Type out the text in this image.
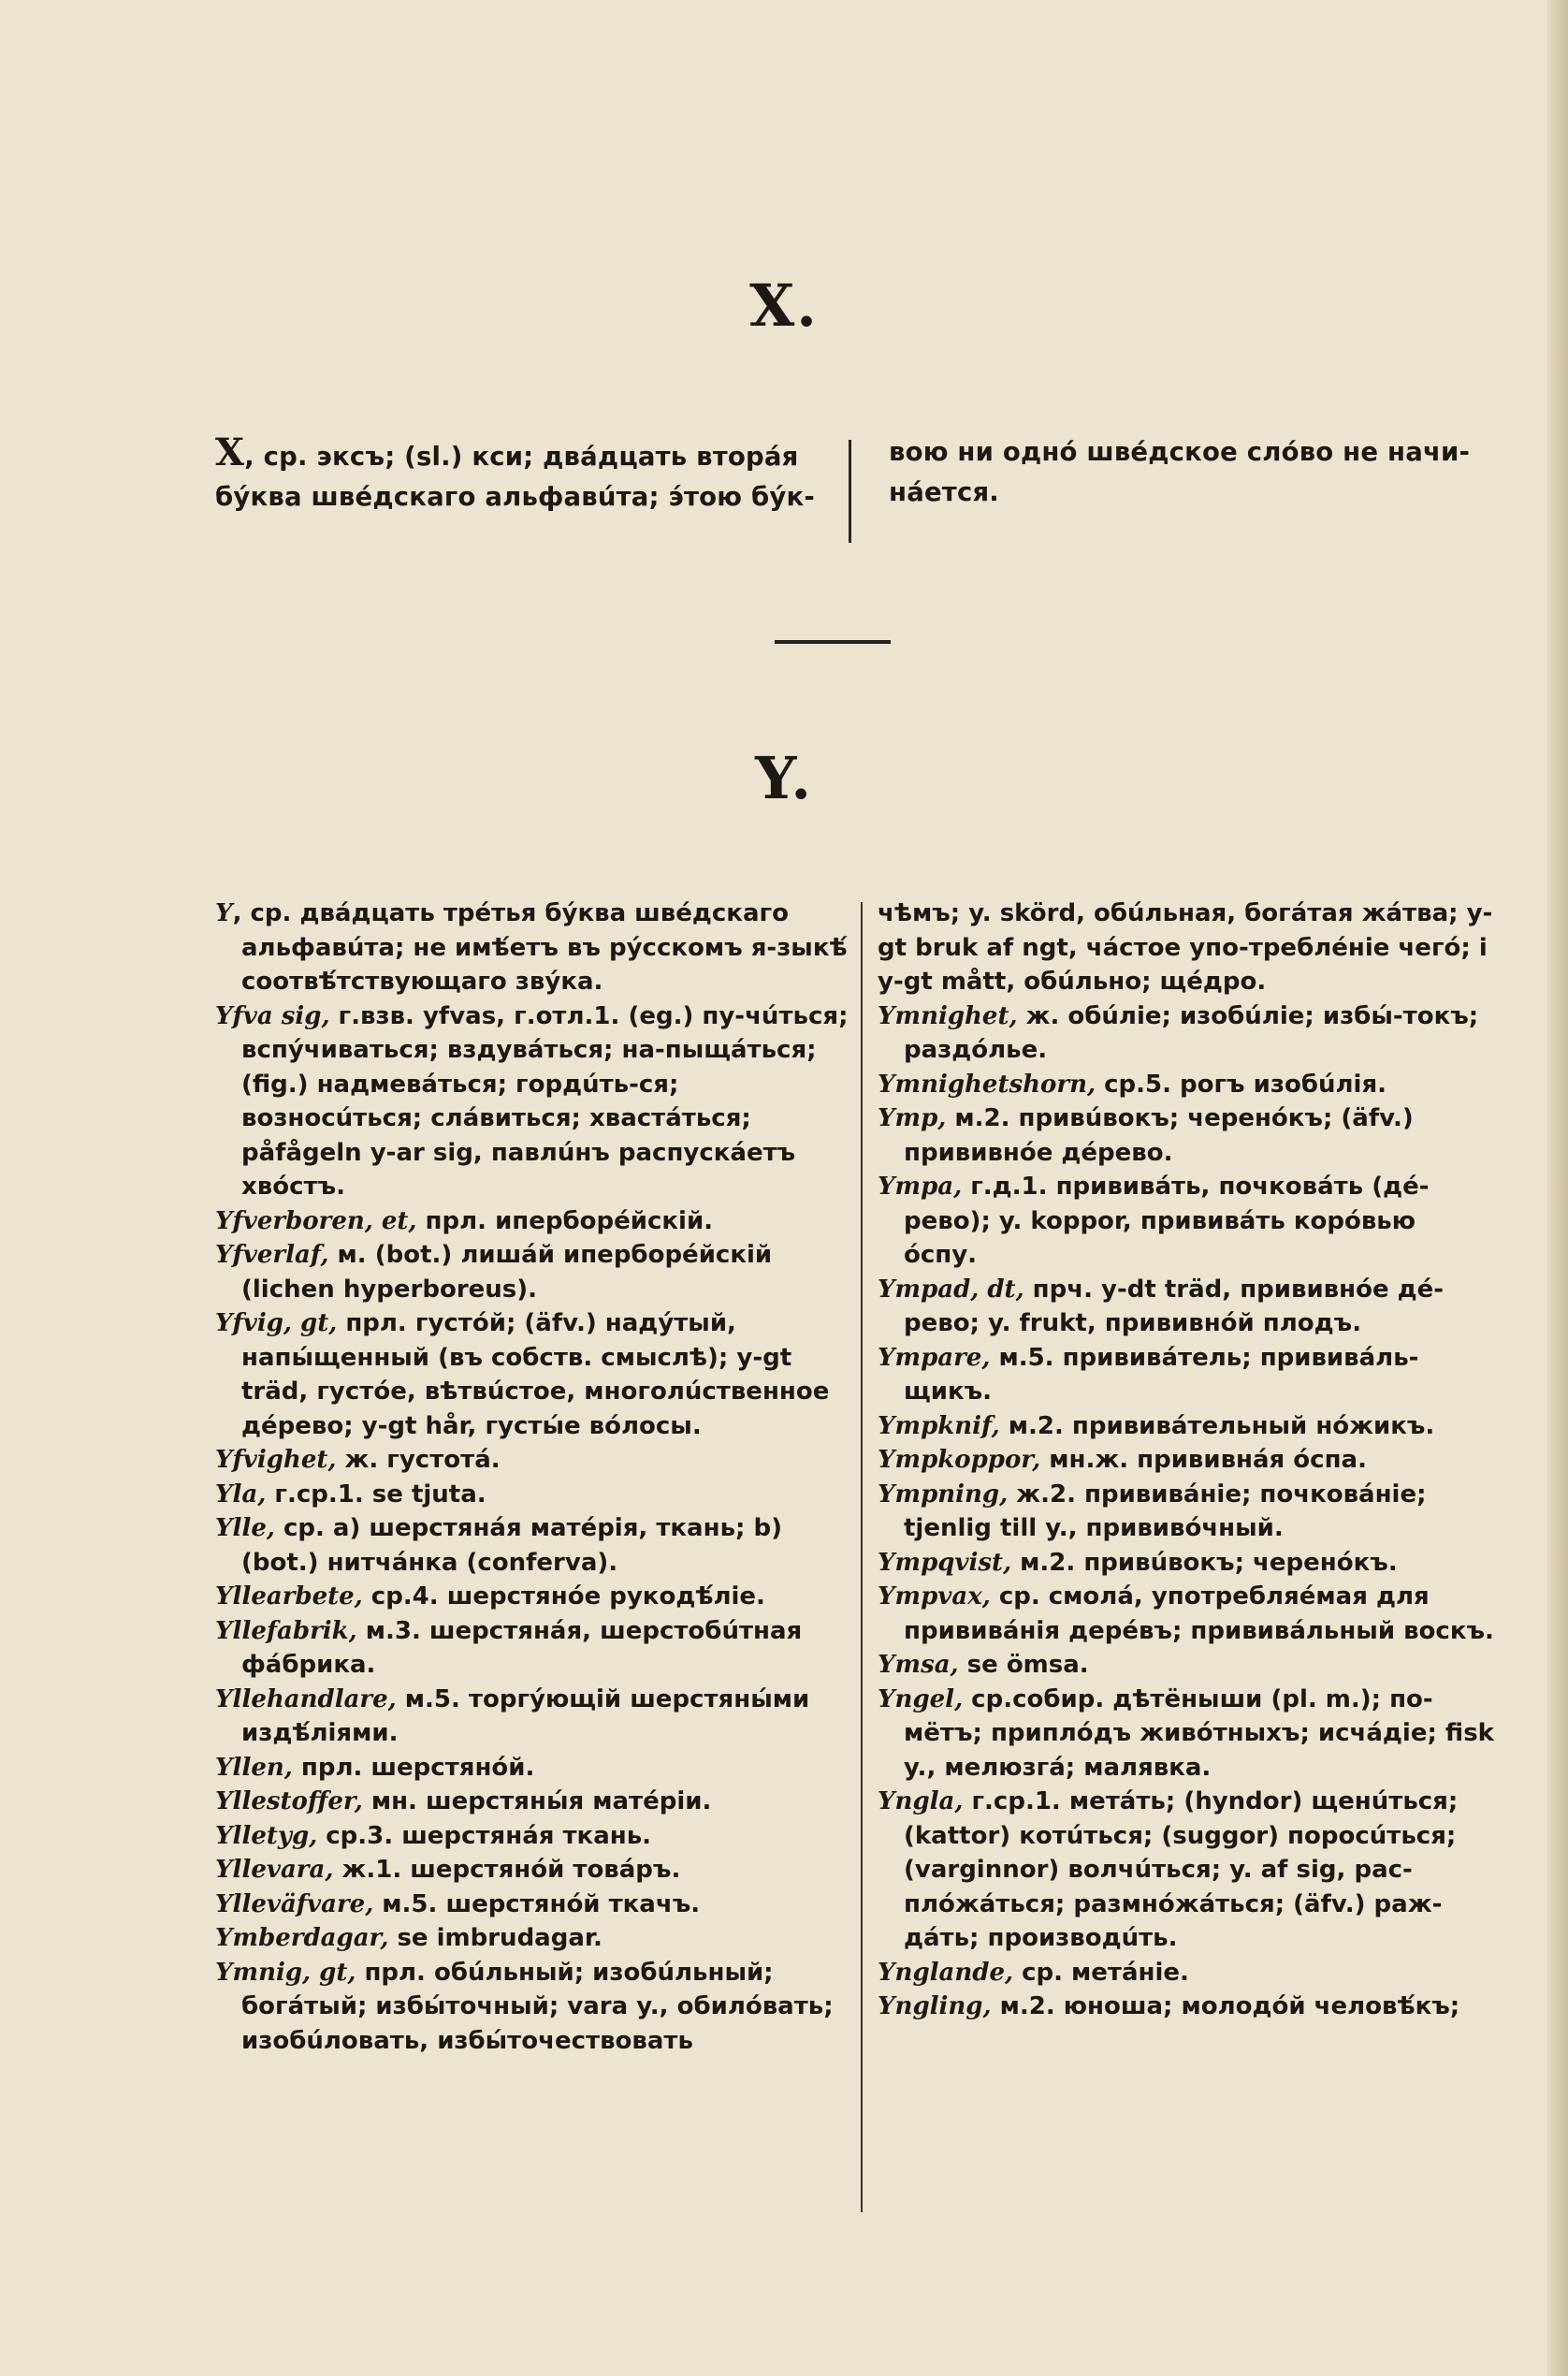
X.
X, ср. эксъ; (sl.) кси; двáдцать вторáя бýква швéдскаго альфавúта; э́тою бýк-
вою ни однó швéдское слóво не начи-нáется.
Y.

Y, ср. двáдцать трéтья бýква швéдскаго альфавúта; не имѣ́етъ въ рýсскомъ я-зыкѣ́ соотвѣ́тствующаго звýка.

Yfva sig, г.взв. yfvas, г.отл.1. (eg.) пу-чúться; вспýчиваться; вздувáться; на-пыщáться; (fig.) надмевáться; гордúть-ся; возносúться; слáвиться; хвастáться; påfågeln y-ar sig, павлúнъ распускáетъ хвóстъ.

Yfverboren, et, прл. иперборéйскій.

Yfverlaf, м. (bot.) лишáй иперборéйскій (lichen hyperboreus).

Yfvig, gt, прл. густóй; (äfv.) надýтый, напы́щенный (въ собств. смыслѣ); y-gt träd, густóе, вѣтвúстое, многолúственное дéрево; y-gt hår, густы́е вóлосы.

Yfvighet, ж. густотá.

Yla, г.ср.1. se tjuta.

Ylle, ср. a) шерстянáя матéрія, ткань; b) (bot.) нитчáнка (conferva).

Yllearbete, ср.4. шерстянóе рукодѣ́ліе.

Yllefabrik, м.3. шерстянáя, шерстобúтная фáбрика.

Yllehandlare, м.5. торгýющій шерстяны́ми издѣ́ліями.

Yllen, прл. шерстянóй.

Yllestoffer, мн. шерстяны́я матéріи.

Ylletyg, ср.3. шерстянáя ткань.

Yllevara, ж.1. шерстянóй товáръ.

Ylleväfvare, м.5. шерстянóй ткачъ.

Ymberdagar, se imbrudagar.

Ymnig, gt, прл. обúльный; изобúльный; богáтый; избы́точный; vara y., обилóвать; изобúловать, избы́точествовать

чѣмъ; y. skörd, обúльная, богáтая жáтва; y-gt bruk af ngt, чáстое упо-треблéніе чегó; i y-gt mått, обúльно; щéдро.

Ymnighet, ж. обúліе; изобúліе; избы́-токъ; раздóлье.

Ymnighetshorn, ср.5. рогъ изобúлія.

Ymp, м.2. привúвокъ; черенóкъ; (äfv.) прививнóе дéрево.

Ympa, г.д.1. прививáть, почковáть (дé-рево); y. koppor, прививáть корóвью óспу.

Ympad, dt, прч. y-dt träd, прививнóе дé-рево; y. frukt, прививнóй плодъ.

Ympare, м.5. прививáтель; прививáль-щикъ.

Ympknif, м.2. прививáтельный нóжикъ.

Ympkoppor, мн.ж. прививнáя óспа.

Ympning, ж.2. прививáніе; почковáніе; tjenlig till y., прививóчный.

Ympqvist, м.2. привúвокъ; черенóкъ.

Ympvax, ср. смолá, употребляéмая для прививáнія дерéвъ; прививáльный воскъ.

Ymsa, se ömsa.

Yngel, ср.собир. дѣтёныши (pl. m.); по-мётъ; припло́дъ живóтныхъ; исчáдіе; fisk y., мелюзгá; малявка.

Yngla, г.ср.1. метáть; (hyndor) щенúться; (kattor) котúться; (suggor) поросúться; (varginnor) волчúться; y. af sig, рас-плóжáться; размнóжáться; (äfv.) раж-дáть; производúть.

Ynglande, ср. метáніе.

Yngling, м.2. юноша; молодóй человѣ́къ;
